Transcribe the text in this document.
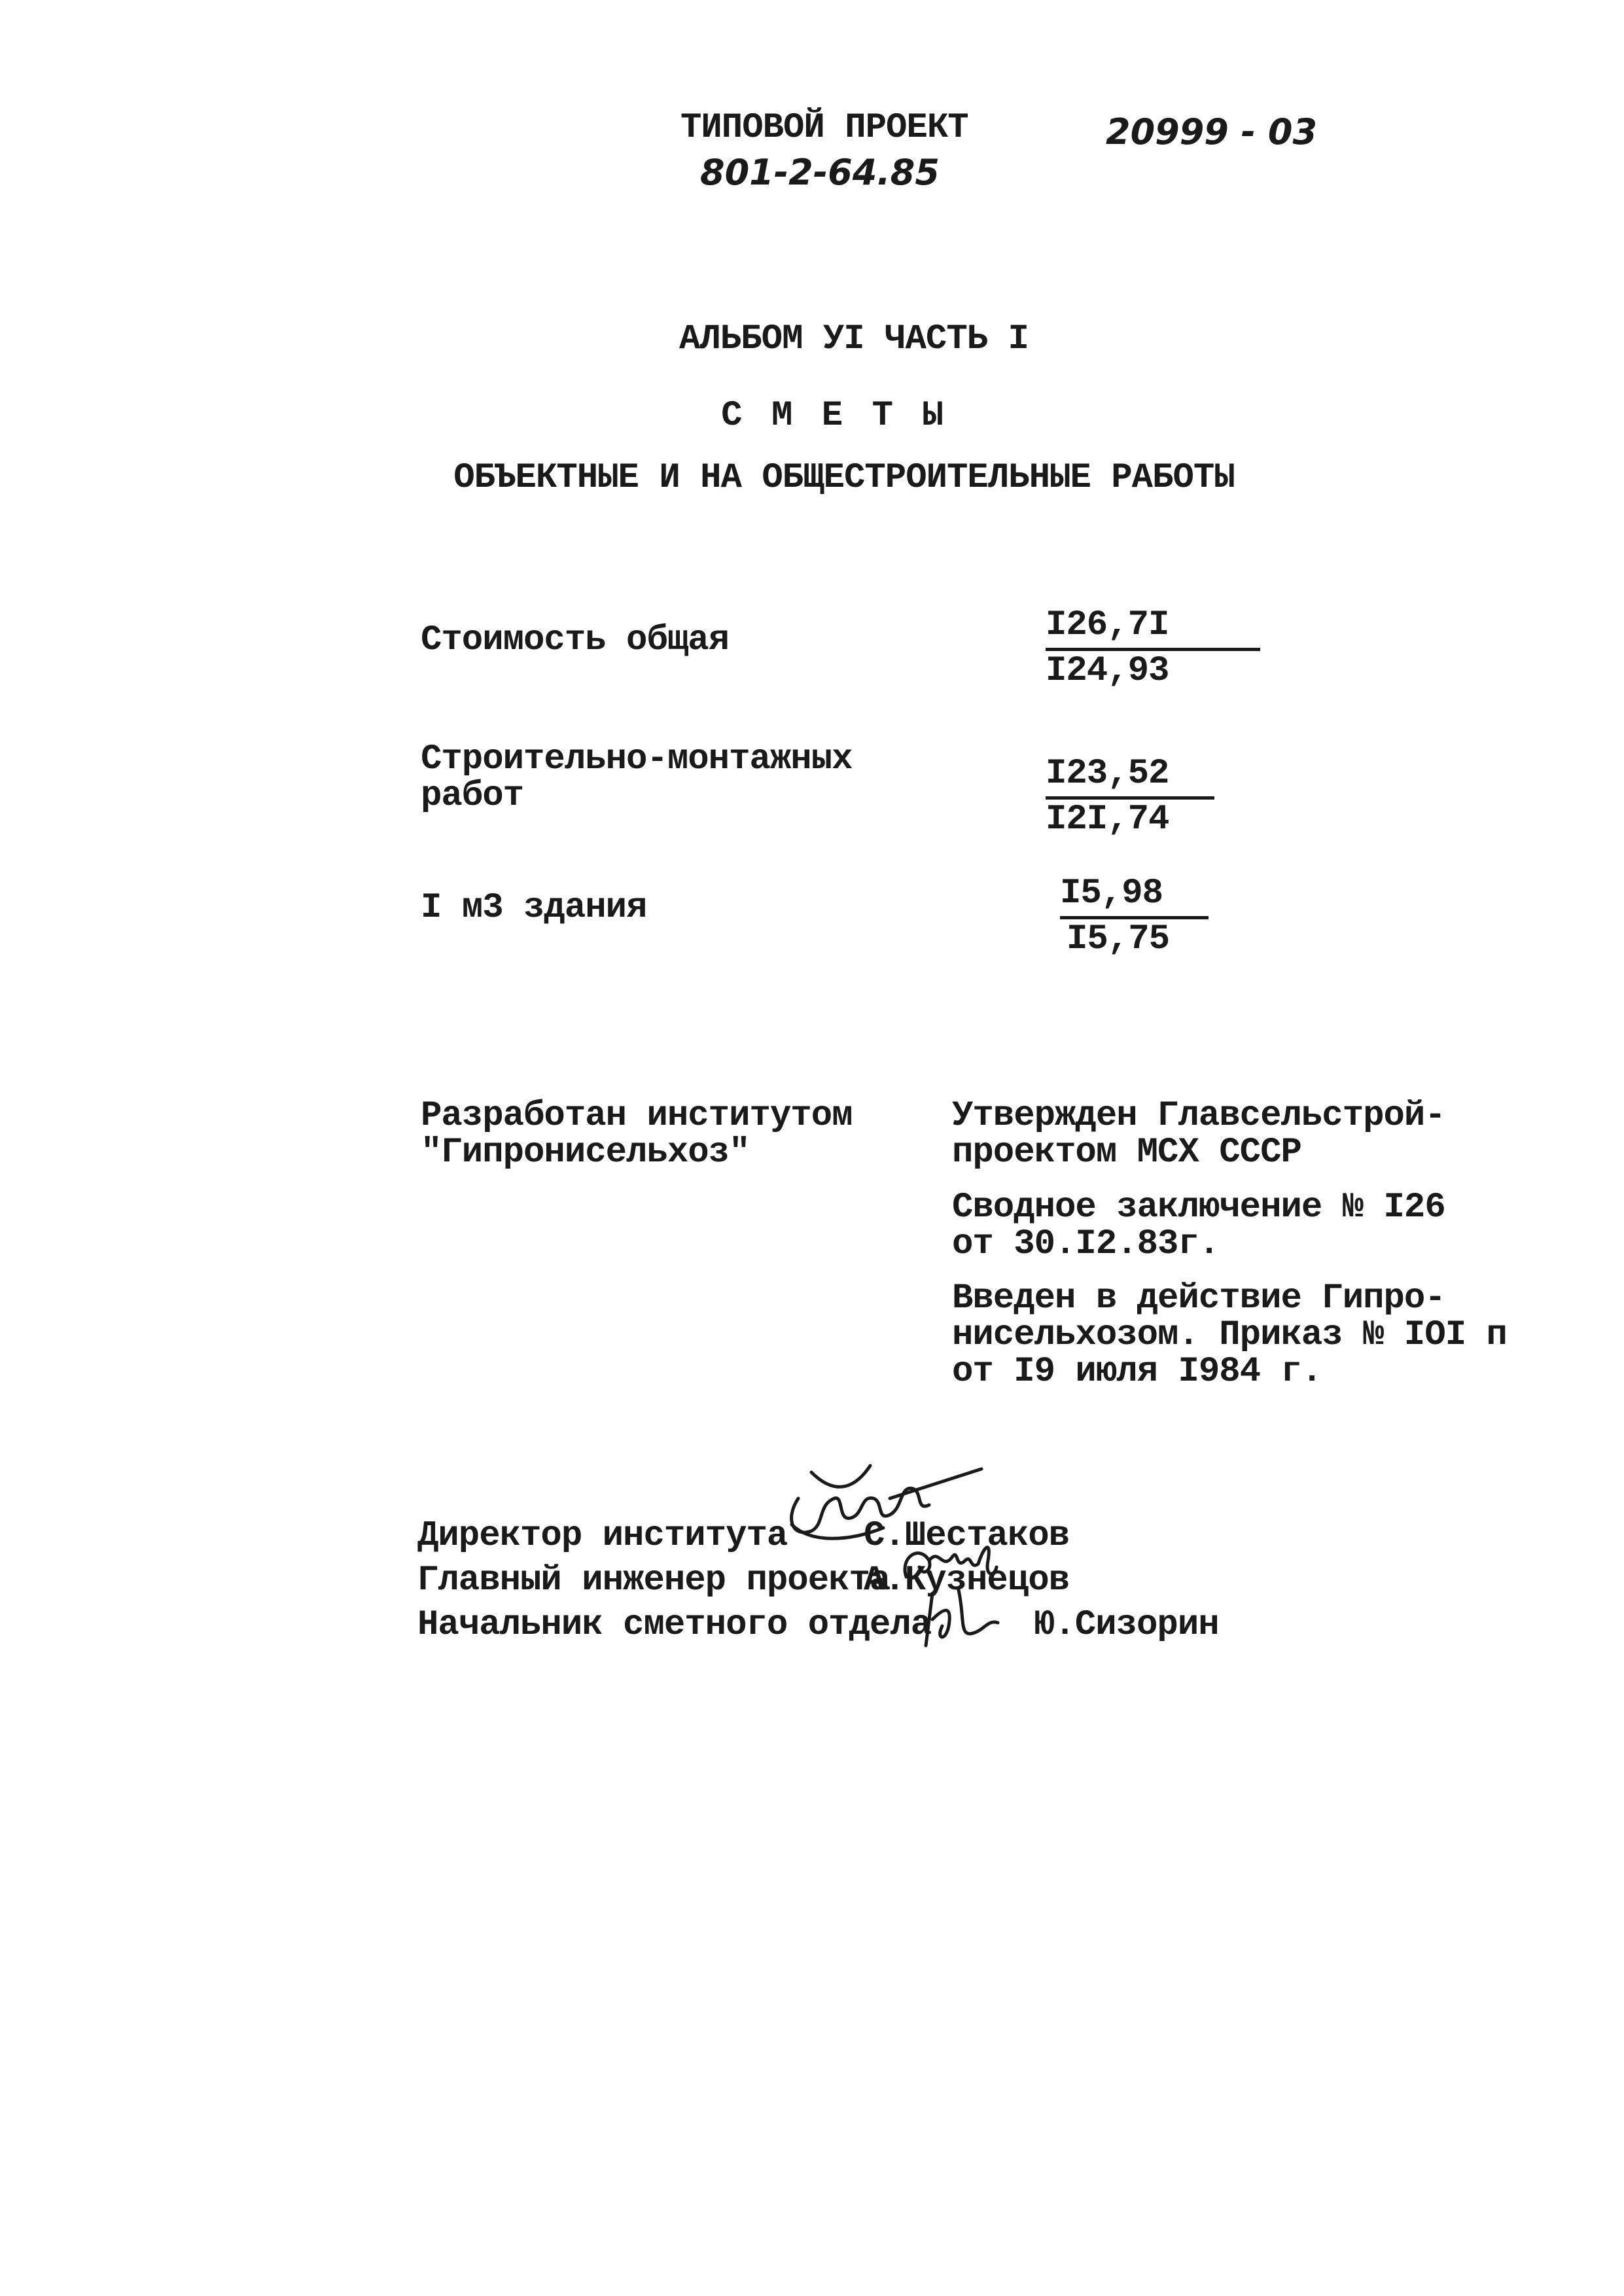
ТИПОВОЙ ПРОЕКТ
801-2-64.85
20999 - 03
АЛЬБОМ УI ЧАСТЬ I
С М Е Т Ы
ОБЪЕКТНЫЕ И НА ОБЩЕСТРОИТЕЛЬНЫЕ РАБОТЫ
Стоимость общая	I26,7I
I24,93
Строительно-монтажных
работ
I23,52
I2I,74
I м3 здания	I5,98
I5,75
Разработан институтом
"Гипронисельхоз"
Утвержден Главсельстрой-
проектом МСХ СССР
Сводное заключение № I26
от 30.I2.83г.
Введен в действие Гипро-
нисельхозом. Приказ № IOI п
от I9 июля I984 г.
Директор института С.Шестаков
Главный инженер проекта
А.Кузнецов
Начальник сметного отдела	Ю.Сизорин
